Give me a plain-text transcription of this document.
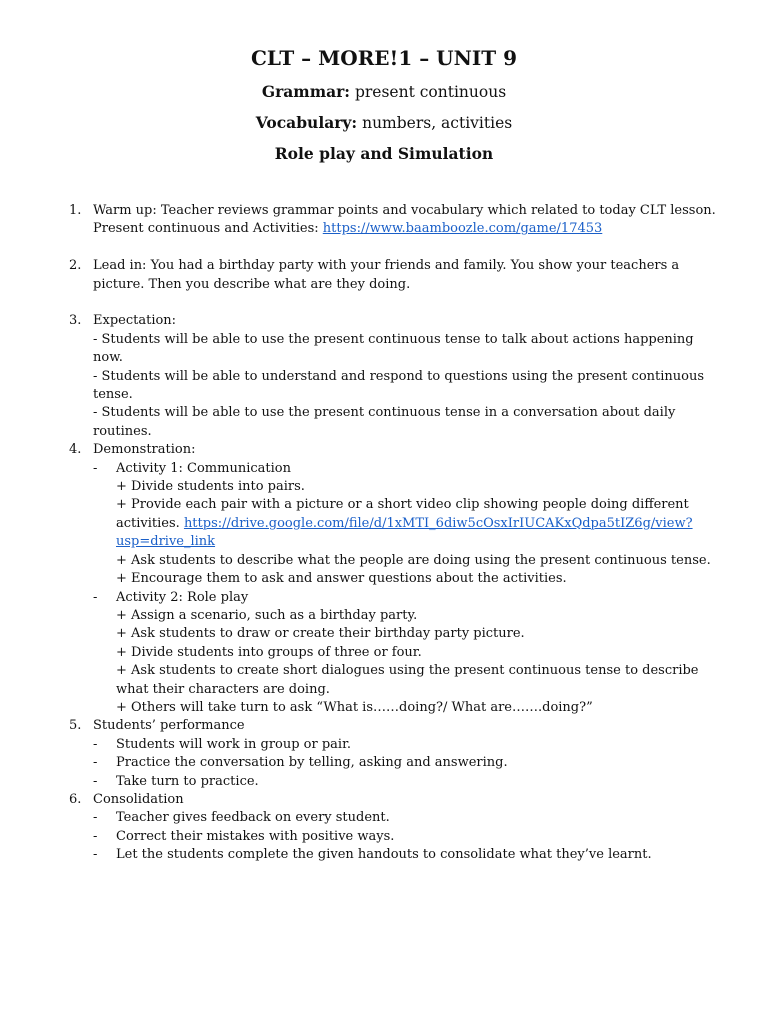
CLT – MORE!1 – UNIT 9
Grammar: present continuous
Vocabulary: numbers, activities
Role play and Simulation
1. Warm up: Teacher reviews grammar points and vocabulary which related to today CLT lesson.
Present continuous and Activities: https://www.baamboozle.com/game/17453
2. Lead in: You had a birthday party with your friends and family. You show your teachers a
picture. Then you describe what are they doing.
3. Expectation:
- Students will be able to use the present continuous tense to talk about actions happening
now.
- Students will be able to understand and respond to questions using the present continuous
tense.
- Students will be able to use the present continuous tense in a conversation about daily
routines.
4. Demonstration:
- Activity 1: Communication
+ Divide students into pairs.
+ Provide each pair with a picture or a short video clip showing people doing different
activities. https://drive.google.com/file/d/1xMTI_6diw5cOsxIrIUCAKxQdpa5tIZ6g/view?
usp=drive_link
+ Ask students to describe what the people are doing using the present continuous tense.
+ Encourage them to ask and answer questions about the activities.
- Activity 2: Role play
+ Assign a scenario, such as a birthday party.
+ Ask students to draw or create their birthday party picture.
+ Divide students into groups of three or four.
+ Ask students to create short dialogues using the present continuous tense to describe
what their characters are doing.
+ Others will take turn to ask “What is……doing?/ What are…….doing?”
5. Students’ performance
- Students will work in group or pair.
- Practice the conversation by telling, asking and answering.
- Take turn to practice.
6. Consolidation
- Teacher gives feedback on every student.
- Correct their mistakes with positive ways.
- Let the students complete the given handouts to consolidate what they’ve learnt.
